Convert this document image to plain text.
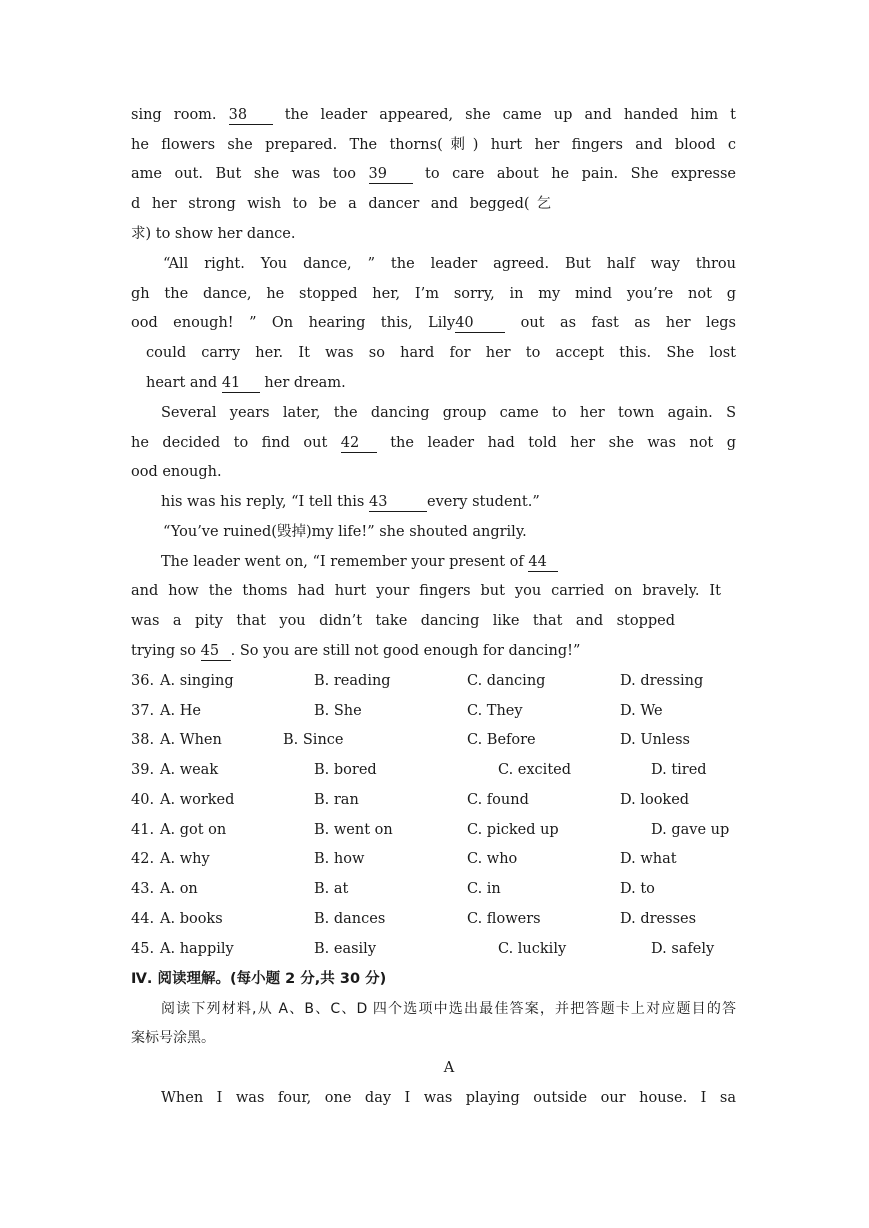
sing room. 38	the leader appeared, she came up and handed him t
he flowers she prepared. The thorns(刺) hurt her fingers and blood c
ame out. But she was too 39	to care about he pain. She expresse
d her strong wish to be a dancer and begged(乞
求) to show her dance.
“All right. You dance, ” the leader agreed. But half way throu
gh the dance, he stopped her, I’m sorry, in my mind you’re not g
ood enough! ” On hearing this, Lily40	out as fast as her legs
could carry her. It was so hard for her to accept this. She lost
heart and 41 her dream.
Several years later, the dancing group came to her town again. S
he decided to find out 42 the leader had told her she was not g
ood enough.
his was his reply, “I tell this 43	every student.”
“You’ve ruined(毁掉)my life!” she shouted angrily.
The leader went on, “I remember your present of 44
and how the thoms had hurt your fingers but you carried on bravely. It
was a pity that you didn’t take dancing like that and stopped
trying so 45 . So you are still not good enough for dancing!”
36. A. singing	B. reading	C. dancing	D. dressing
37. A. He	B. She	C. They	D. We
38. A. When	B. Since	C. Before	D. Unless
39. A. weak	B. bored	C. excited	D. tired
40. A. worked	B. ran	C. found	D. looked
41. A. got on	B. went on	C. picked up	D. gave up
42. A. why	B. how	C. who	D. what
43. A. on	B. at	C. in	D. to
44. A. books	B. dances	C. flowers	D. dresses
45. A. happily	B. easily	C. luckily	D. safely
Ⅳ. 阅读理解。(每小题 2 分,共 30 分)
阅读下列材料,从 A、B、C、D 四个选项中选出最佳答案，并把答题卡上对应题目的答
案标号涂黑。
A
When I was four, one day I was playing outside our house. I sa
